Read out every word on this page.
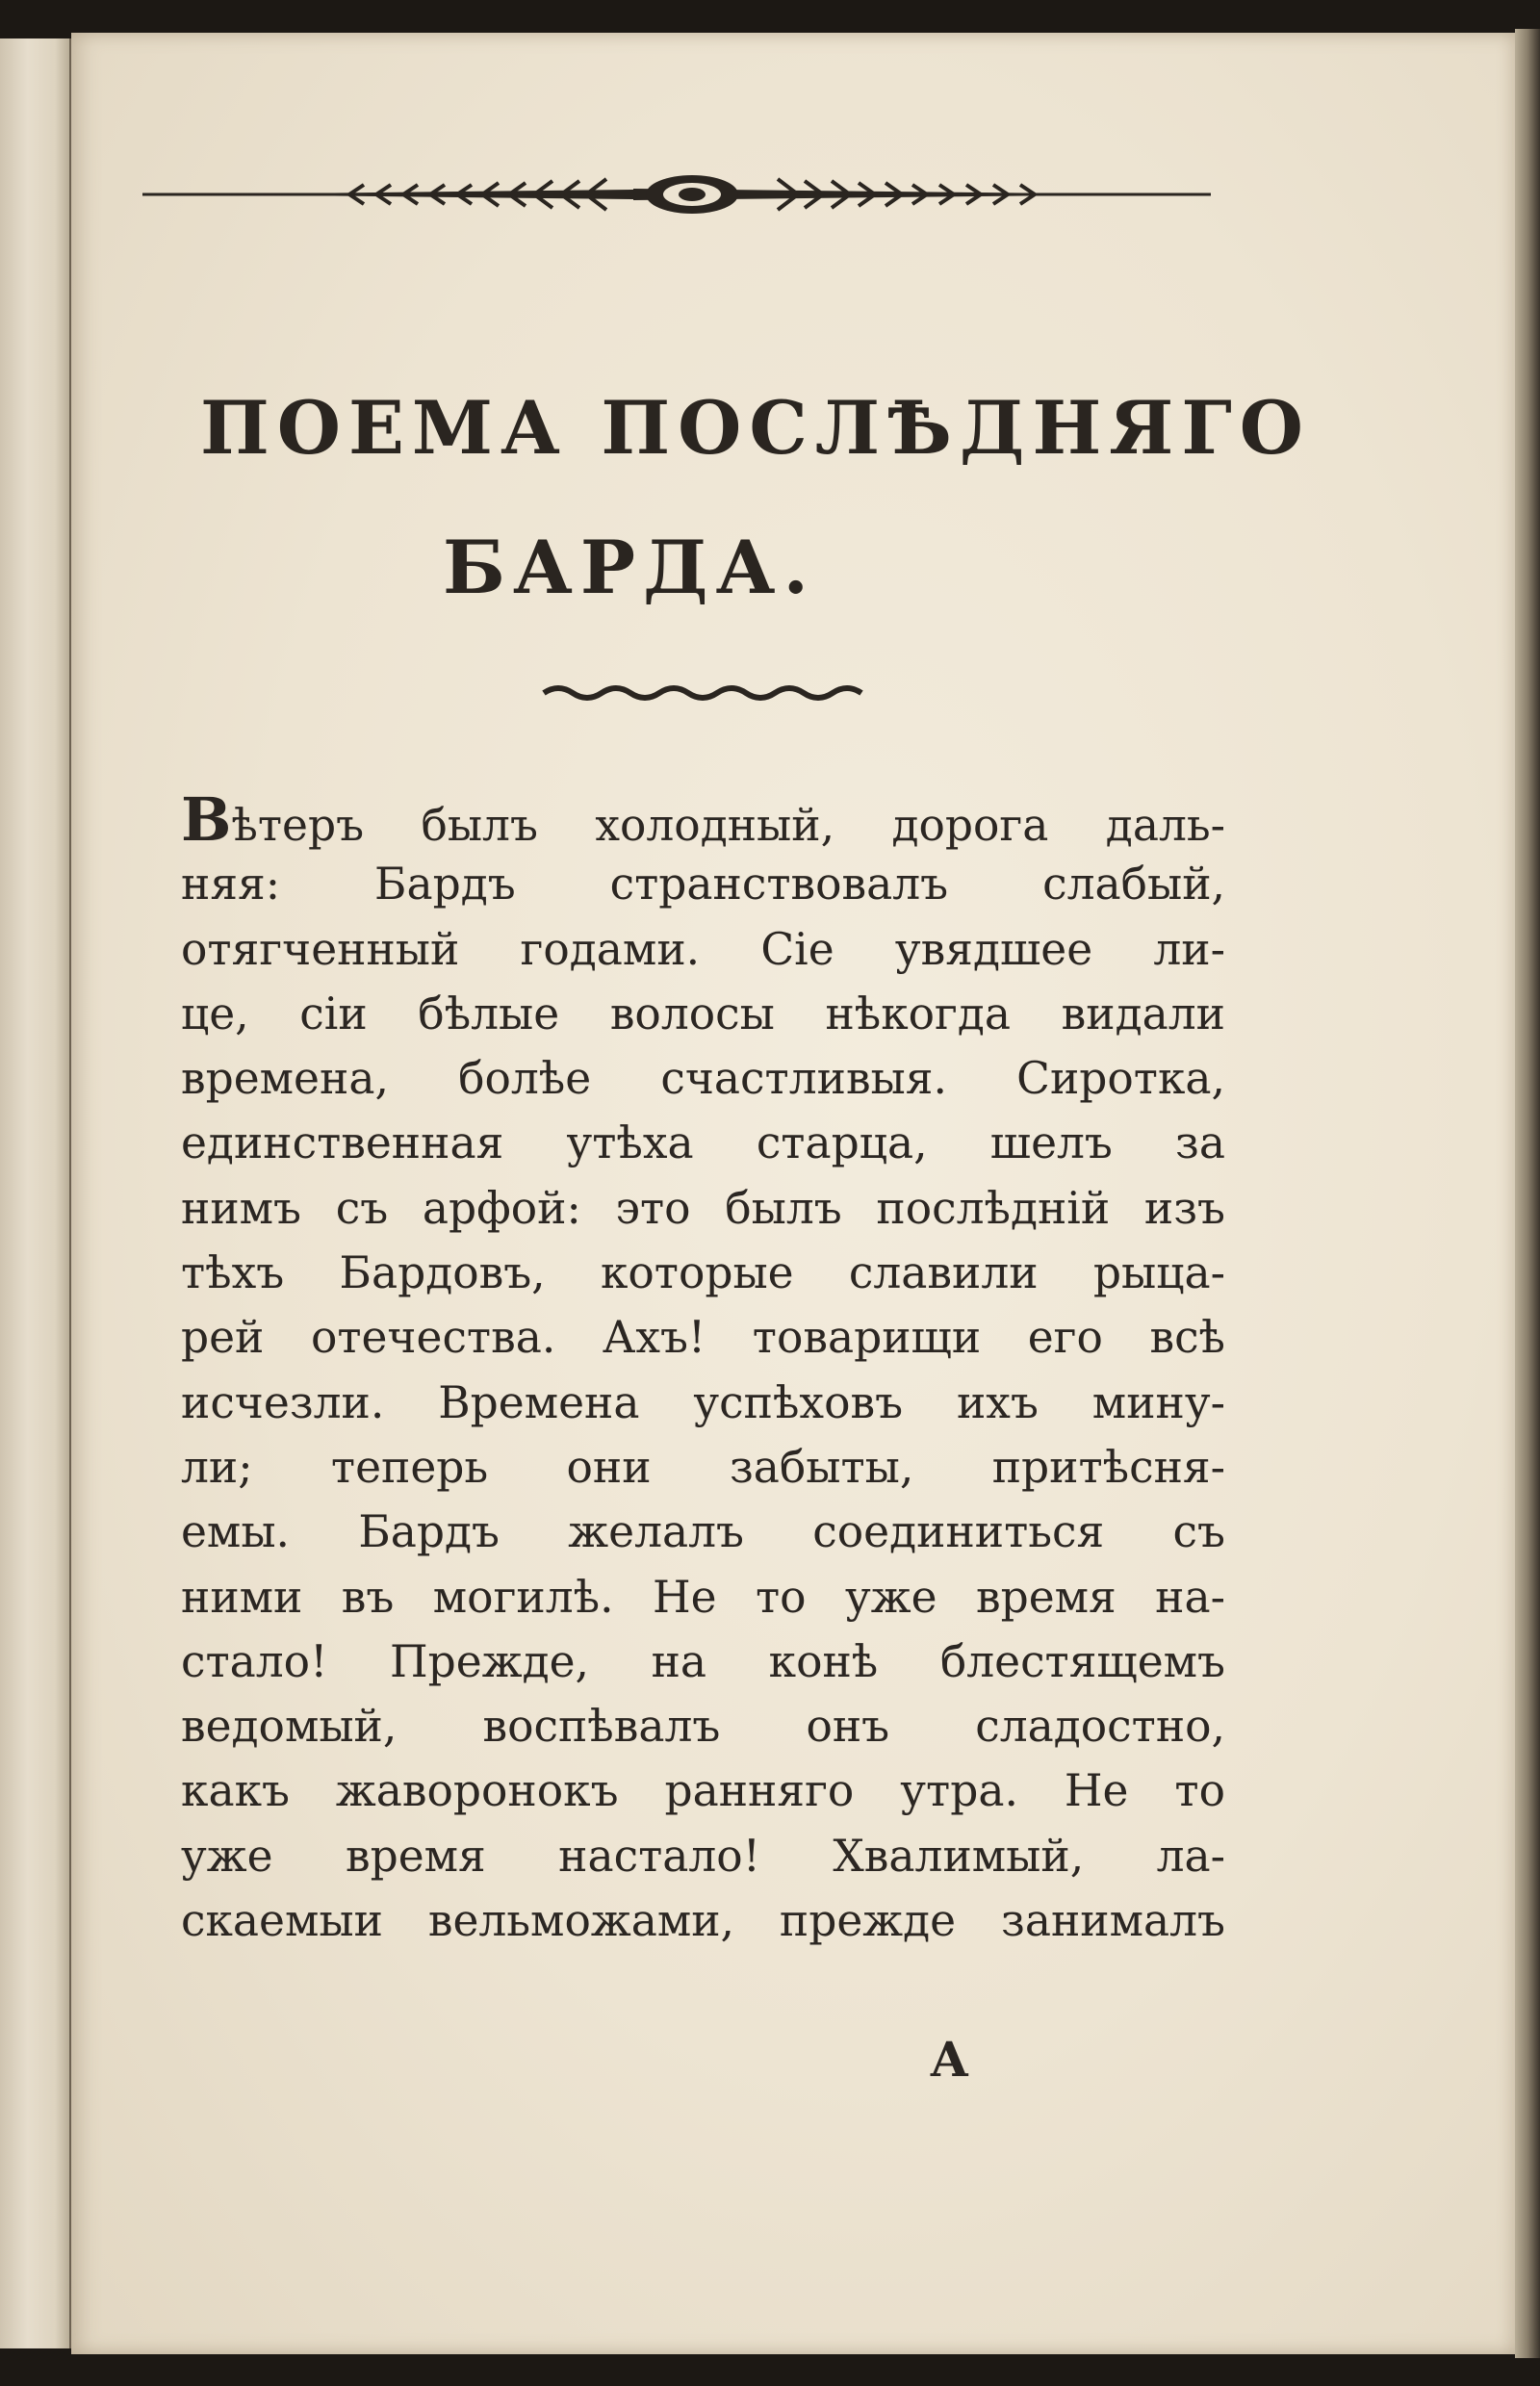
ПОЕМА ПОСЛѢДНЯГО
БАРДА.
Вѣтеръ былъ холодный, дорога даль-
няя: Бардъ странствовалъ слабый,
отягченный годами. Сіе увядшее ли-
це, сіи бѣлые волосы нѣкогда видали
времена, болѣе счастливыя. Сиротка,
единственная утѣха старца, шелъ за
нимъ съ арфой: это былъ послѣдній изъ
тѣхъ Бардовъ, которые славили рыца-
рей отечества. Ахъ! товарищи его всѣ
исчезли. Времена успѣховъ ихъ мину-
ли; теперь они забыты, притѣсня-
емы. Бардъ желалъ соединиться съ
ними въ могилѣ. Не то уже время на-
стало! Прежде, на конѣ блестящемъ
ведомый, воспѣвалъ онъ сладостно,
какъ жаворонокъ ранняго утра. Не то
уже время настало! Хвалимый, ла-
скаемыи вельможами, прежде занималъ
А
